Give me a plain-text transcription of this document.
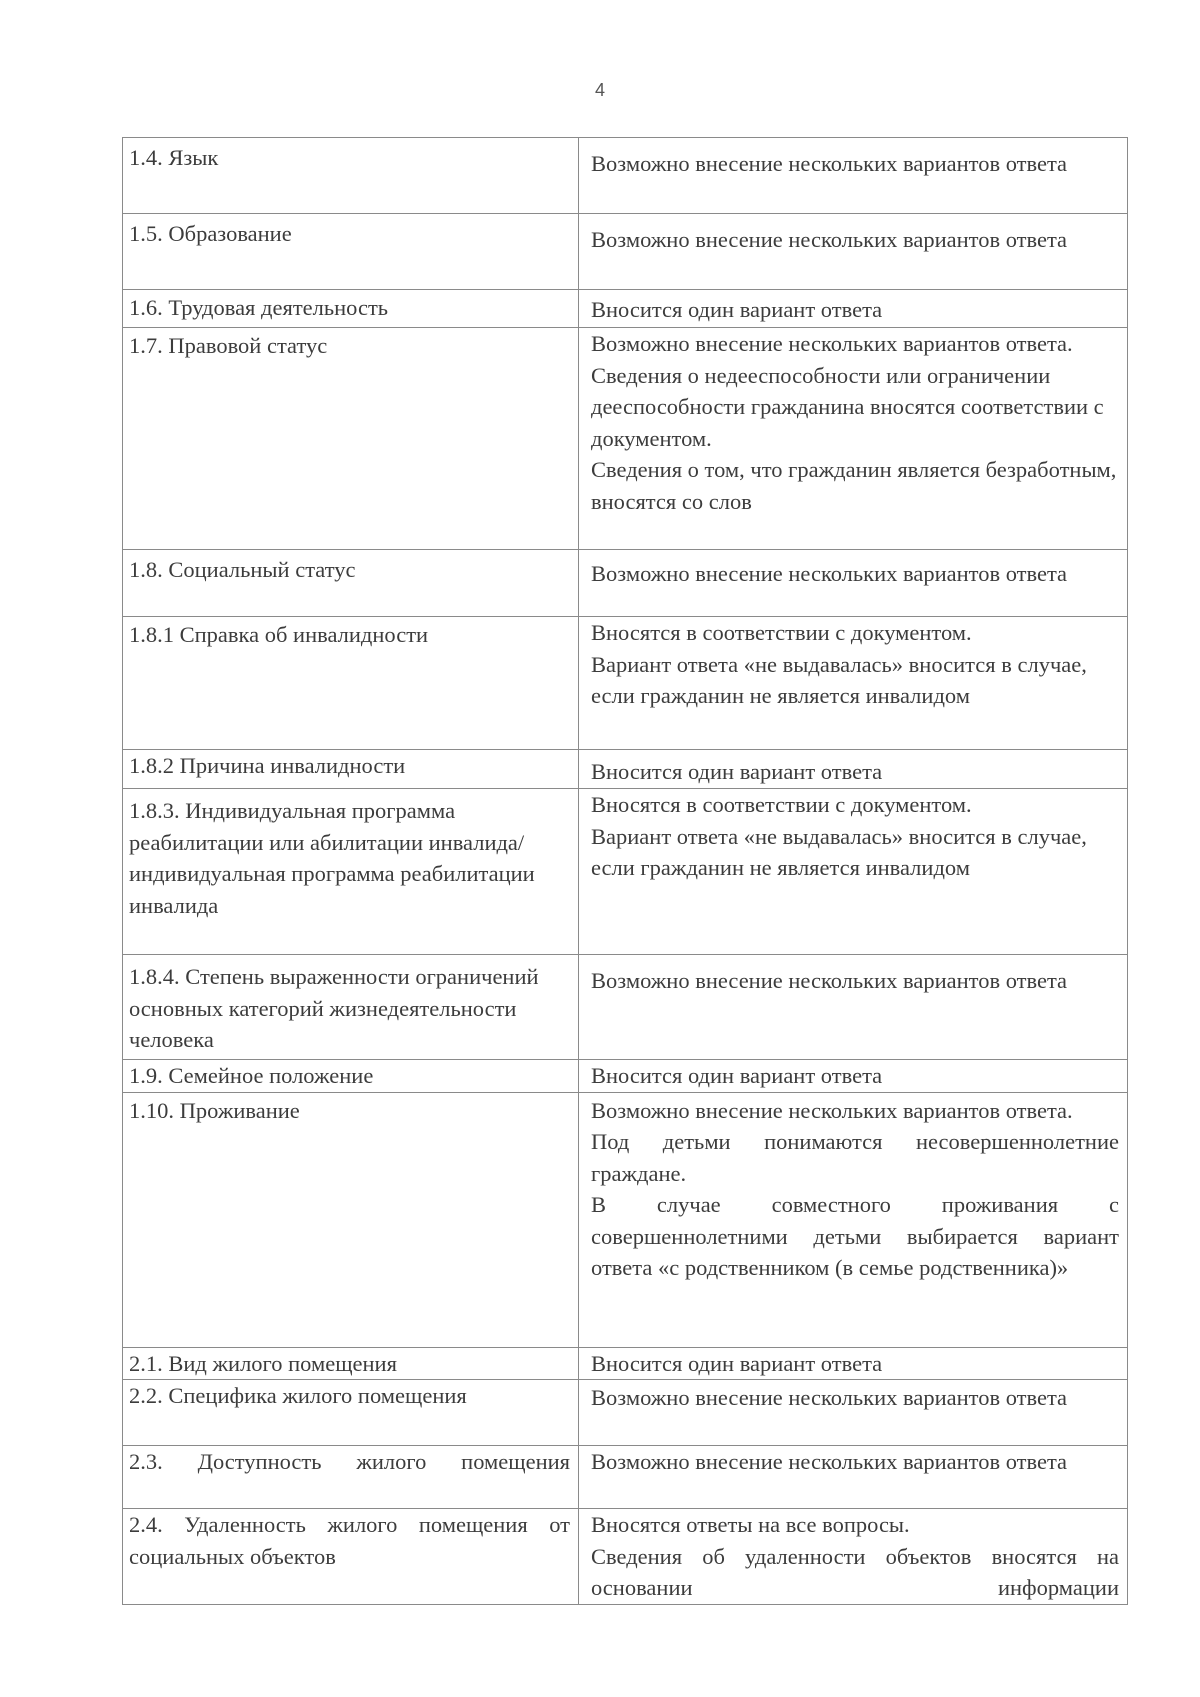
4
1.4. Язык	Возможно внесение нескольких вариантов ответа

1.5. Образование	Возможно внесение нескольких вариантов ответа

1.6. Трудовая деятельность	Вносится один вариант ответа

1.7. Правовой статус	Возможно внесение нескольких вариантов ответа.
Сведения о недееспособности или ограничении дееспособности гражданина вносятся соответствии с документом.
Сведения о том, что гражданин является безработным, вносятся со слов

1.8. Социальный статус	Возможно внесение нескольких вариантов ответа

1.8.1 Справка об инвалидности	Вносятся в соответствии с документом.
Вариант ответа «не выдавалась» вносится в случае, если гражданин не является инвалидом

1.8.2 Причина инвалидности	Вносится один вариант ответа

1.8.3. Индивидуальная программа реабилитации или абилитации инвалида/ индивидуальная программа реабилитации инвалида	Вносятся в соответствии с документом.
Вариант ответа «не выдавалась» вносится в случае, если гражданин не является инвалидом

1.8.4. Степень выраженности ограничений основных категорий жизнедеятельности человека	Возможно внесение нескольких вариантов ответа

1.9. Семейное положение	Вносится один вариант ответа

1.10. Проживание	Возможно внесение нескольких вариантов ответа.
Под детьми понимаются несовершеннолетние граждане.
В случае совместного проживания с совершеннолетними детьми выбирается вариант ответа «с родственником (в семье родственника)»

2.1. Вид жилого помещения	Вносится один вариант ответа

2.2. Специфика жилого помещения	Возможно внесение нескольких вариантов ответа

2.3. Доступность жилого помещения	Возможно внесение нескольких вариантов ответа

2.4. Удаленность жилого помещения от социальных объектов	Вносятся ответы на все вопросы.
Сведения об удаленности объектов вносятся на основании информации
